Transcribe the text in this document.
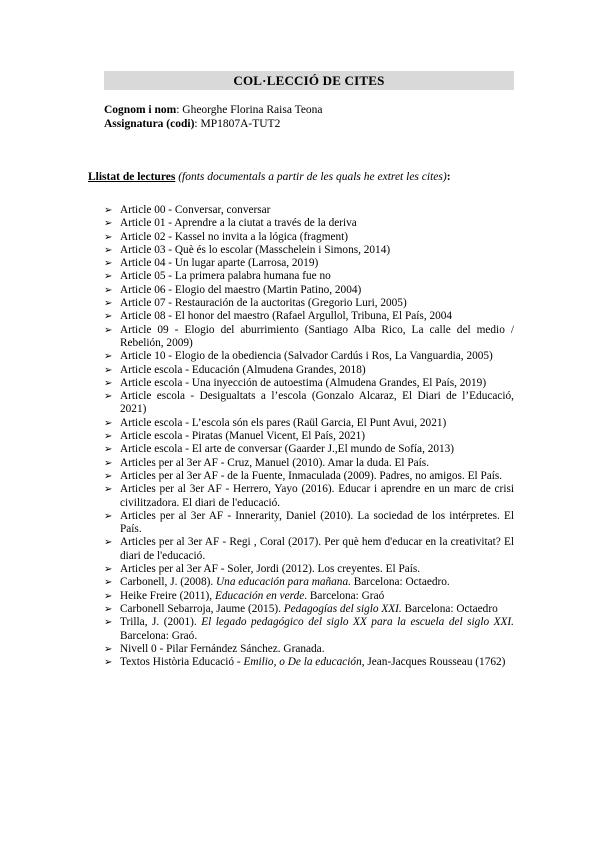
COL·LECCIÓ DE CITES
Cognom i nom: Gheorghe Florina Raisa Teona
Assignatura (codi): MP1807A-TUT2
Llistat de lectures (fonts documentals a partir de les quals he extret les cites):
➢ Article 00 - Conversar, conversar
➢ Article 01 - Aprendre a la ciutat a través de la deriva
➢ Article 02 - Kassel no invita a la lógica (fragment)
➢ Article 03 - Què és lo escolar (Masschelein i Simons, 2014)
➢ Article 04 - Un lugar aparte (Larrosa, 2019)
➢ Article 05 - La primera palabra humana fue no
➢ Article 06 - Elogio del maestro (Martin Patino, 2004)
➢ Article 07 - Restauración de la auctoritas (Gregorio Luri, 2005)
➢ Article 08 - El honor del maestro (Rafael Argullol, Tribuna, El País, 2004
➢ Article 09 - Elogio del aburrimiento (Santiago Alba Rico, La calle del medio / Rebelión, 2009)
➢ Article 10 - Elogio de la obediencia (Salvador Cardús i Ros, La Vanguardia, 2005)
➢ Article escola - Educación (Almudena Grandes, 2018)
➢ Article escola - Una inyección de autoestima (Almudena Grandes, El País, 2019)
➢ Article escola - Desigualtats a l’escola (Gonzalo Alcaraz, El Diari de l’Educació, 2021)
➢ Article escola - L’escola són els pares (Raül Garcia, El Punt Avui, 2021)
➢ Article escola - Piratas (Manuel Vicent, El País, 2021)
➢ Article escola - El arte de conversar (Gaarder J.,El mundo de Sofía, 2013)
➢ Articles per al 3er AF - Cruz, Manuel (2010). Amar la duda. El País.
➢ Articles per al 3er AF - de la Fuente, Inmaculada (2009). Padres, no amigos. El País.
➢ Articles per al 3er AF - Herrero, Yayo (2016). Educar i aprendre en un marc de crisi civilitzadora. El diari de l'educació.
➢ Articles per al 3er AF - Innerarity, Daniel (2010). La sociedad de los intérpretes. El País.
➢ Articles per al 3er AF - Regi , Coral (2017). Per què hem d'educar en la creativitat? El diari de l'educació.
➢ Articles per al 3er AF - Soler, Jordi (2012). Los creyentes. El País.
➢ Carbonell, J. (2008). Una educación para mañana. Barcelona: Octaedro.
➢ Heike Freire (2011), Educación en verde. Barcelona: Graó
➢ Carbonell Sebarroja, Jaume (2015). Pedagogías del siglo XXI. Barcelona: Octaedro
➢ Trilla, J. (2001). El legado pedagógico del siglo XX para la escuela del siglo XXI. Barcelona: Graó.
➢ Nivell 0 - Pilar Fernández Sánchez. Granada.
➢ Textos Història Educació - Emilio, o De la educación, Jean-Jacques Rousseau (1762)
